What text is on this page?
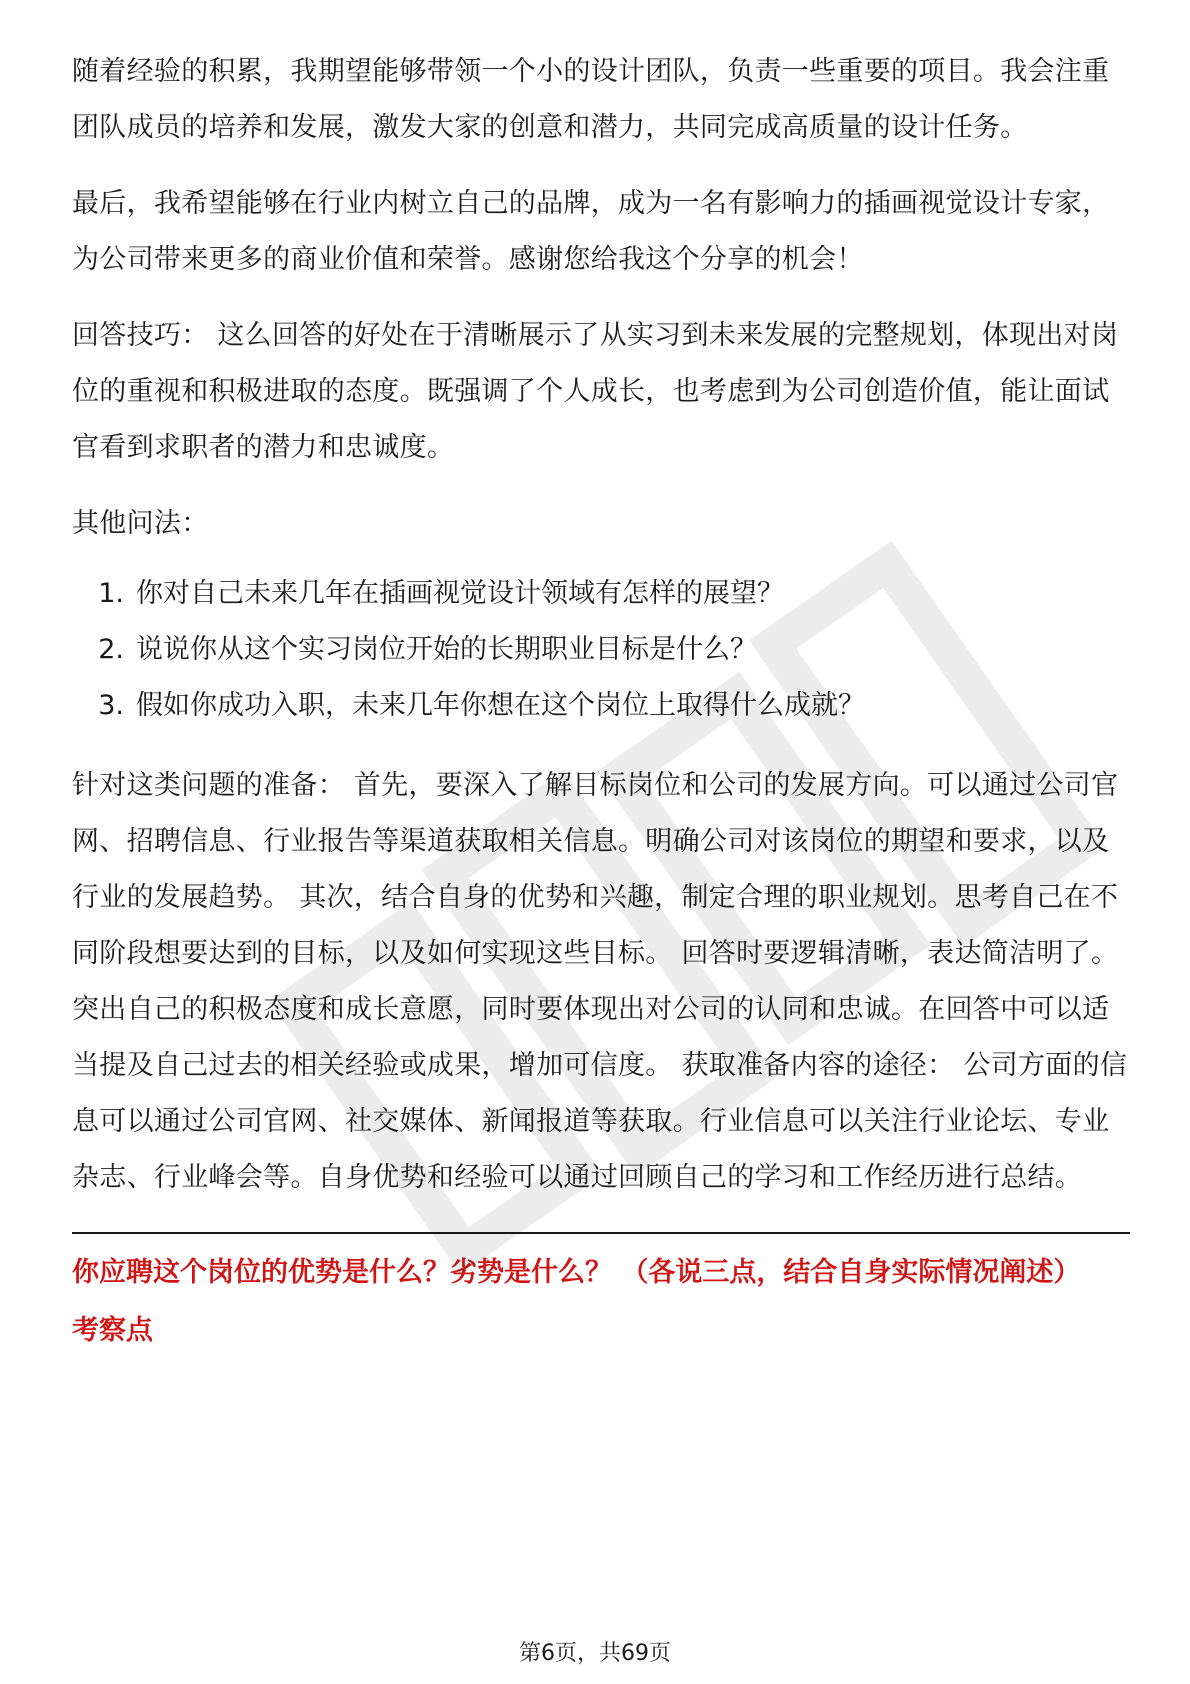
随着经验的积累，我期望能够带领一个小的设计团队，负责一些重要的项目。我会注重团队成员的培养和发展，激发大家的创意和潜力，共同完成高质量的设计任务。

最后，我希望能够在行业内树立自己的品牌，成为一名有影响力的插画视觉设计专家，为公司带来更多的商业价值和荣誉。感谢您给我这个分享的机会！

回答技巧： 这么回答的好处在于清晰展示了从实习到未来发展的完整规划，体现出对岗位的重视和积极进取的态度。既强调了个人成长，也考虑到为公司创造价值，能让面试官看到求职者的潜力和忠诚度。

其他问法：

1. 你对自己未来几年在插画视觉设计领域有怎样的展望？
2. 说说你从这个实习岗位开始的长期职业目标是什么？
3. 假如你成功入职，未来几年你想在这个岗位上取得什么成就？

针对这类问题的准备： 首先，要深入了解目标岗位和公司的发展方向。可以通过公司官网、招聘信息、行业报告等渠道获取相关信息。明确公司对该岗位的期望和要求，以及行业的发展趋势。 其次，结合自身的优势和兴趣，制定合理的职业规划。思考自己在不同阶段想要达到的目标，以及如何实现这些目标。 回答时要逻辑清晰，表达简洁明了。突出自己的积极态度和成长意愿，同时要体现出对公司的认同和忠诚。在回答中可以适当提及自己过去的相关经验或成果，增加可信度。 获取准备内容的途径： 公司方面的信息可以通过公司官网、社交媒体、新闻报道等获取。行业信息可以关注行业论坛、专业杂志、行业峰会等。自身优势和经验可以通过回顾自己的学习和工作经历进行总结。

你应聘这个岗位的优势是什么？劣势是什么？ （各说三点，结合自身实际情况阐述）

考察点

第6页，共69页
